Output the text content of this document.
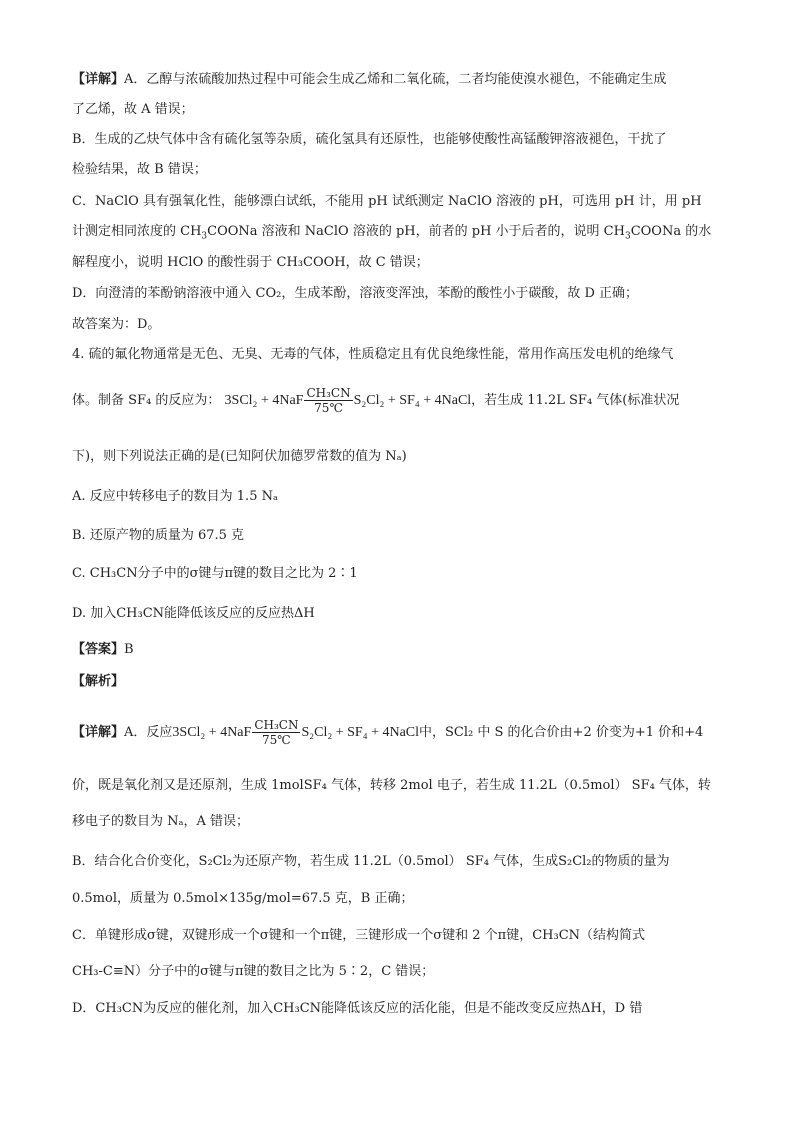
【详解】A．乙醇与浓硫酸加热过程中可能会生成乙烯和二氧化硫，二者均能使溴水褪色，不能确定生成
了乙烯，故 A 错误；
B．生成的乙炔气体中含有硫化氢等杂质，硫化氢具有还原性，也能够使酸性高锰酸钾溶液褪色，干扰了
检验结果，故 B 错误；
C．NaClO 具有强氧化性，能够漂白试纸，不能用 pH 试纸测定 NaClO 溶液的 pH，可选用 pH 计，用 pH
计测定相同浓度的 $CH_3COONa$ 溶液和 NaClO 溶液的 pH，前者的 pH 小于后者的，说明 $CH_3COONa$ 的水
解程度小，说明 HClO 的酸性弱于 CH₃COOH，故 C 错误；
D．向澄清的苯酚钠溶液中通入 CO₂，生成苯酚，溶液变浑浊，苯酚的酸性小于碳酸，故 D 正确；
故答案为：D。
4. 硫的氟化物通常是无色、无臭、无毒的气体，性质稳定且有优良绝缘性能，常用作高压发电机的绝缘气
体。制备 SF₄ 的反应为： $3SCl_2 + 4NaF \frac{\text{CH₃CN}}{75℃} S_2Cl_2 + SF_4$ + 4NaCl，若生成 11.2L SF₄ 气体(标准状况
下)，则下列说法正确的是(已知阿伏加德罗常数的值为 Nₐ)
A. 反应中转移电子的数目为 1.5 Nₐ
B. 还原产物的质量为 67.5 克
C. CH₃CN分子中的σ键与π键的数目之比为 2∶1
D. 加入CH₃CN能降低该反应的反应热ΔH
【答案】B
【解析】
【详解】A．反应$3SCl_2 + 4NaF \frac{\text{CH₃CN}}{75℃} S_2Cl_2 + SF_4$ + 4NaCl中，SCl₂ 中 S 的化合价由+2 价变为+1 价和+4
价，既是氧化剂又是还原剂，生成 1molSF₄ 气体，转移 2mol 电子，若生成 11.2L（0.5mol） SF₄ 气体，转
移电子的数目为 Nₐ，A 错误；
B．结合化合价变化，S₂Cl₂为还原产物，若生成 11.2L（0.5mol） SF₄ 气体，生成S₂Cl₂的物质的量为
0.5mol，质量为 0.5mol×135g/mol=67.5 克，B 正确；
C．单键形成σ键，双键形成一个σ键和一个π键，三键形成一个σ键和 2 个π键，CH₃CN（结构简式
CH₃-C≡N）分子中的σ键与π键的数目之比为 5∶2，C 错误；
D．CH₃CN为反应的催化剂，加入CH₃CN能降低该反应的活化能，但是不能改变反应热ΔH，D 错
